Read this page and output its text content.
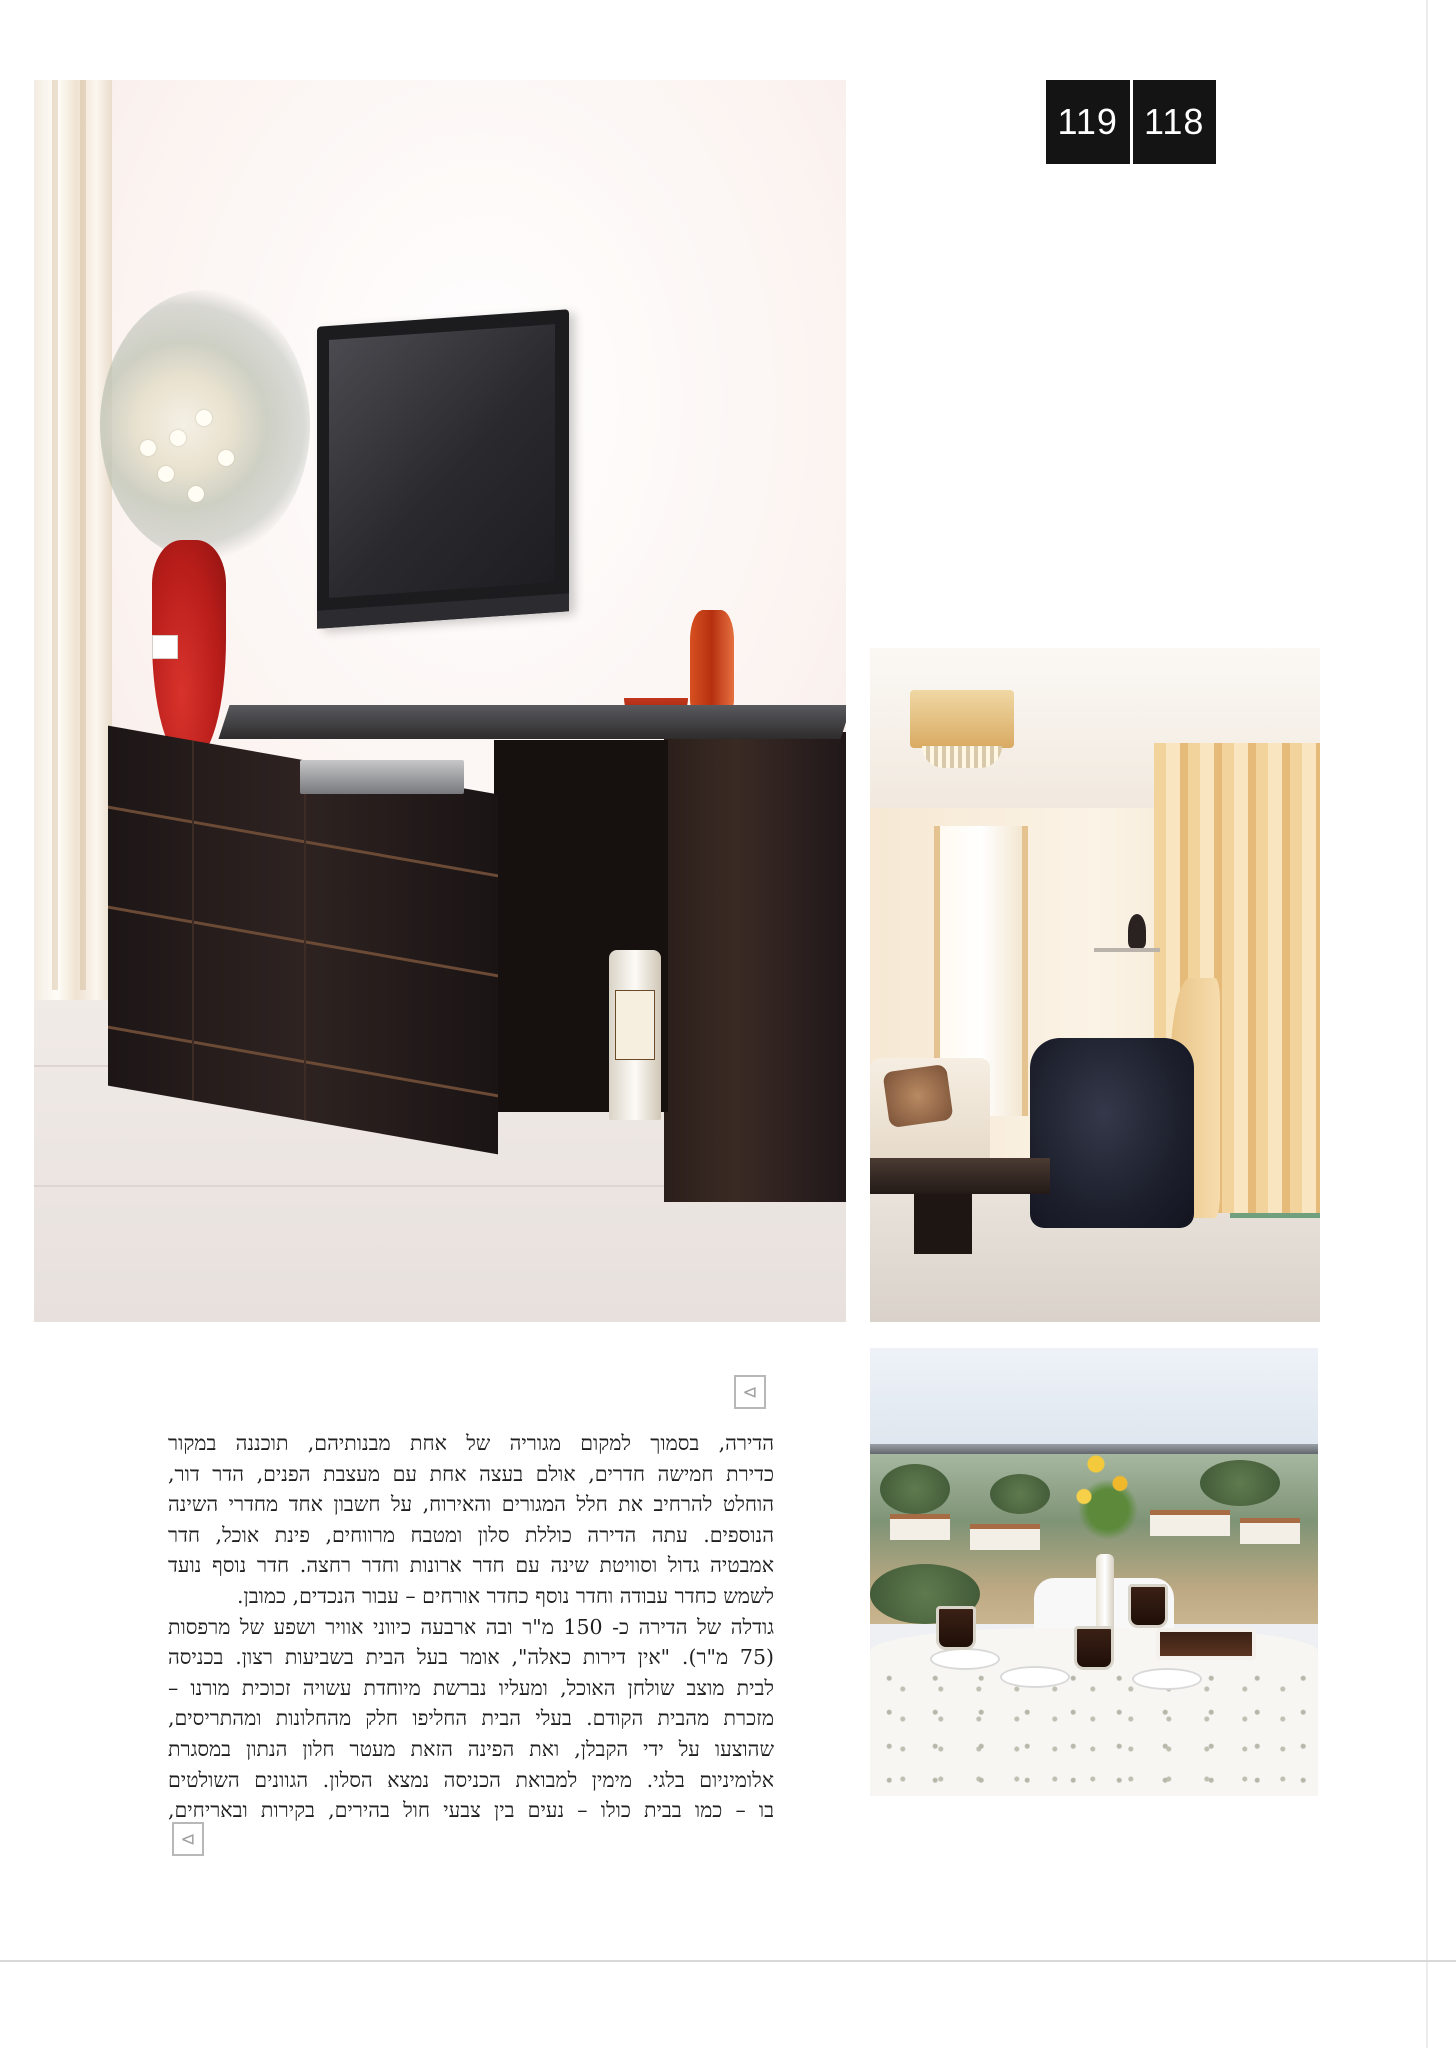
119 118
⊲
⊲
הדירה, בסמוך למקום מגוריה של אחת מבנותיהם, תוכננה במקור
כדירת חמישה חדרים, אולם בעצה אחת עם מעצבת הפנים, הדר דור,
הוחלט להרחיב את חלל המגורים והאירוח, על חשבון אחד מחדרי השינה
הנוספים. עתה הדירה כוללת סלון ומטבח מרווחים, פינת אוכל, חדר
אמבטיה גדול וסוויטת שינה עם חדר ארונות וחדר רחצה. חדר נוסף נועד
לשמש כחדר עבודה וחדר נוסף כחדר אורחים – עבור הנכדים, כמובן.
גודלה של הדירה כ- 150 מ"ר ובה ארבעה כיווני אוויר ושפע של מרפסות
(75 מ"ר). "אין דירות כאלה", אומר בעל הבית בשביעות רצון. בכניסה
לבית מוצב שולחן האוכל, ומעליו נברשת מיוחדת עשויה זכוכית מורנו –
מזכרת מהבית הקודם. בעלי הבית החליפו חלק מהחלונות ומהתריסים,
שהוצעו על ידי הקבלן, ואת הפינה הזאת מעטר חלון הנתון במסגרת
אלומיניום בלגי. מימין למבואת הכניסה נמצא הסלון. הגוונים השולטים
בו – כמו בבית כולו – נעים בין צבעי חול בהירים, בקירות ובאריחים,
